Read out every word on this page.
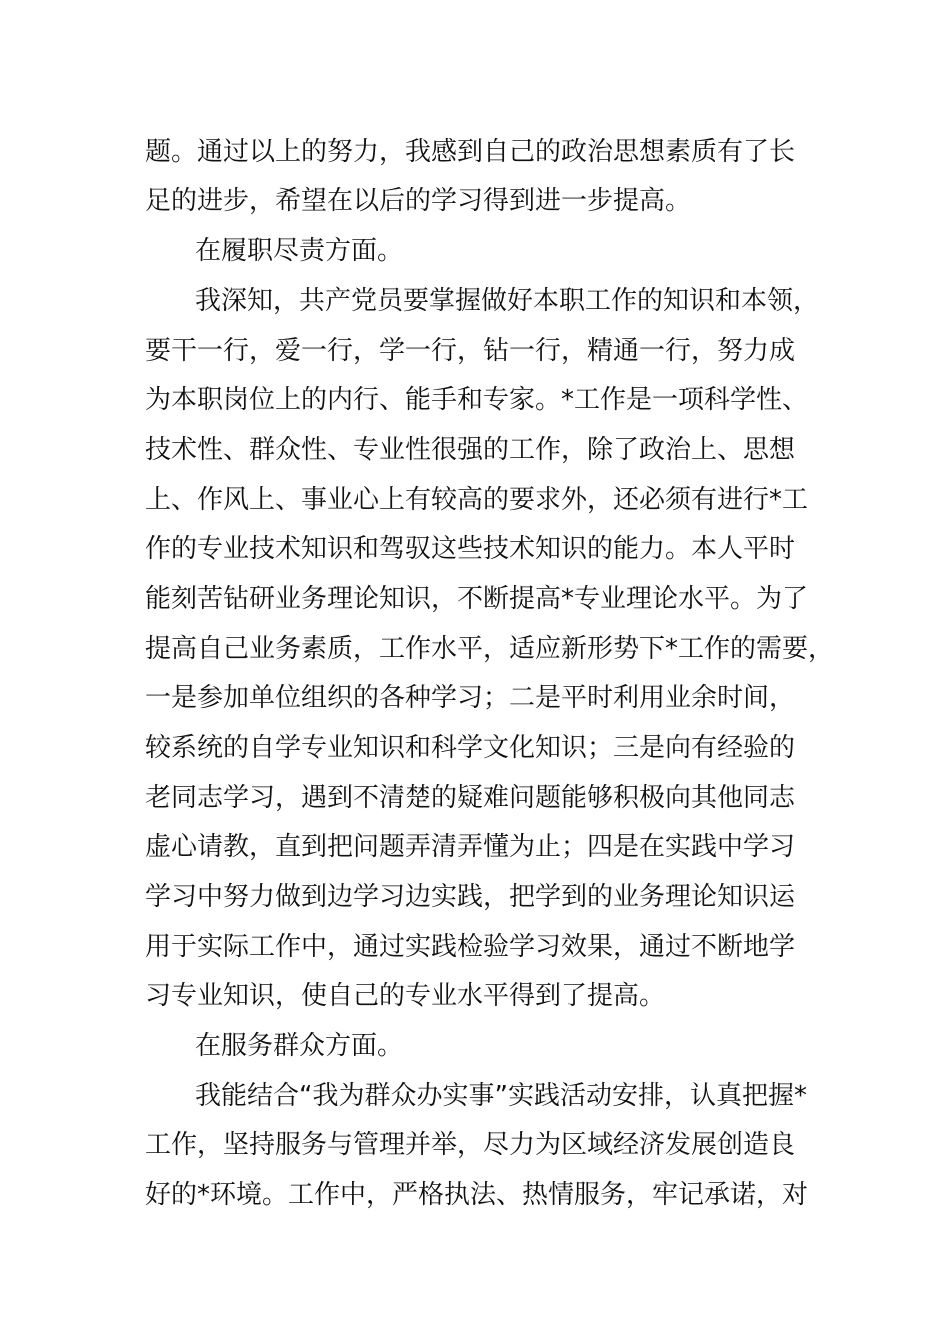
题。通过以上的努力，我感到自己的政治思想素质有了长
足的进步，希望在以后的学习得到进一步提高。
在履职尽责方面。
我深知，共产党员要掌握做好本职工作的知识和本领，
要干一行，爱一行，学一行，钻一行，精通一行，努力成
为本职岗位上的内行、能手和专家。*工作是一项科学性、
技术性、群众性、专业性很强的工作，除了政治上、思想
上、作风上、事业心上有较高的要求外，还必须有进行*工
作的专业技术知识和驾驭这些技术知识的能力。本人平时
能刻苦钻研业务理论知识，不断提高*专业理论水平。为了
提高自己业务素质，工作水平，适应新形势下*工作的需要，
一是参加单位组织的各种学习；二是平时利用业余时间，
较系统的自学专业知识和科学文化知识；三是向有经验的
老同志学习，遇到不清楚的疑难问题能够积极向其他同志
虚心请教，直到把问题弄清弄懂为止；四是在实践中学习
学习中努力做到边学习边实践，把学到的业务理论知识运
用于实际工作中，通过实践检验学习效果，通过不断地学
习专业知识，使自己的专业水平得到了提高。
在服务群众方面。
我能结合“我为群众办实事”实践活动安排，认真把握*
工作，坚持服务与管理并举，尽力为区域经济发展创造良
好的*环境。工作中，严格执法、热情服务，牢记承诺，对
